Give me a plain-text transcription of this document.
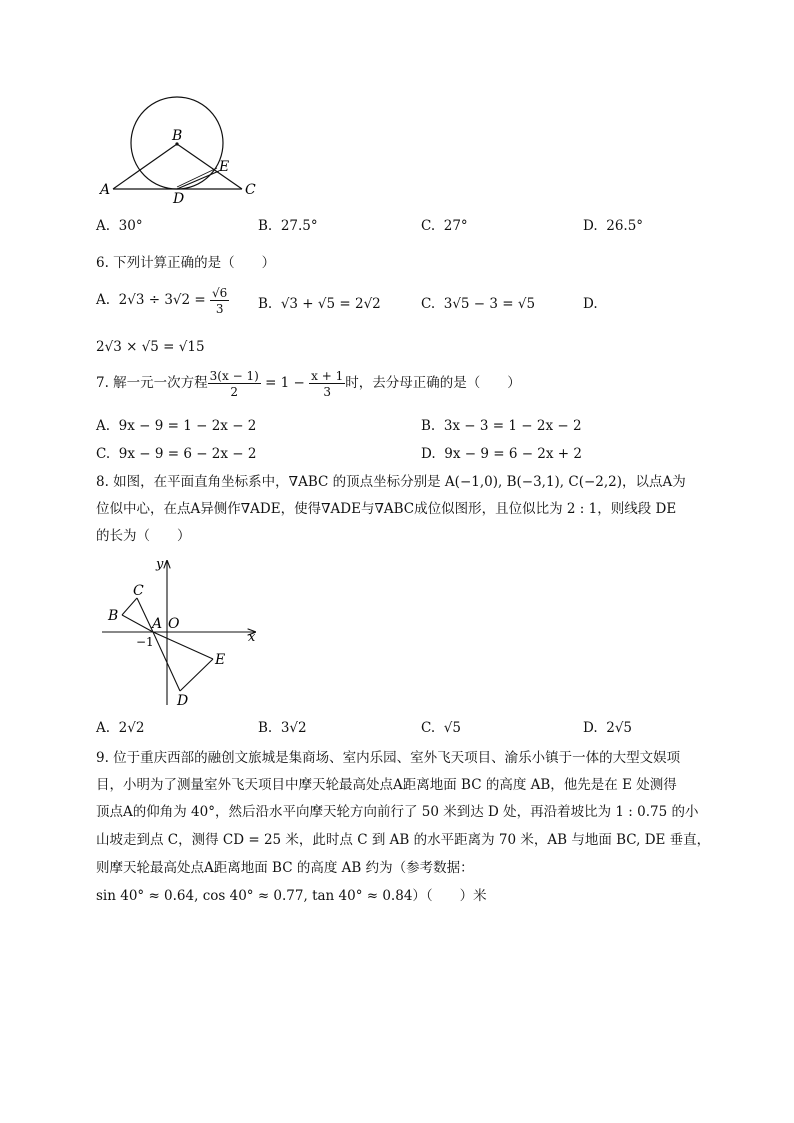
B
E
A
D
C
A. 30°	B. 27.5°	C. 27°	D. 26.5°
6. 下列计算正确的是（　　）
A.
2√3 ÷ 3√2 =
$\frac{√6}{3} B$. √3 + √5 = 2√2	C. 3√5 − 3 = √5	D.
2√3 × √5 = √15
7. 解一元一次方程 $\frac{3(x - 1)}{2}$
= 1 −
$\frac{x + 1}{3}$ 时，去分母正确的是（　　）
A. 9x − 9 = 1 − 2x − 2	B. 3x − 3 = 1 − 2x − 2
C. 9x − 9 = 6 − 2x − 2	D. 9x − 9 = 6 − 2x + 2
8. 如图，在平面直角坐标系中，∇ABC 的顶点坐标分别是 A(−1,0), B(−3,1), C(−2,2)，以点A为
位似中心，在点A异侧作∇ADE，使得∇ADE与∇ABC成位似图形，且位似比为 2 : 1，则线段 DE
的长为（　　）
y
x
C
B A O
−1
E
D
A. 2√2	B. 3√2	C. √5	D. 2√5
9. 位于重庆西部的融创文旅城是集商场、室内乐园、室外飞天项目、渝乐小镇于一体的大型文娱项
目，小明为了测量室外飞天项目中摩天轮最高处点A距离地面 BC 的高度 AB，他先是在 E 处测得
顶点A的仰角为 40°，然后沿水平向摩天轮方向前行了 50 米到达 D 处，再沿着坡比为 1 : 0.75 的小
山坡走到点 C，测得 CD = 25 米，此时点 C 到 AB 的水平距离为 70 米，AB 与地面 BC, DE 垂直，
则摩天轮最高处点A距离地面 BC 的高度 AB 约为（参考数据：
sin 40° ≈ 0.64, cos 40° ≈ 0.77, tan 40° ≈ 0.84）（　　）米
